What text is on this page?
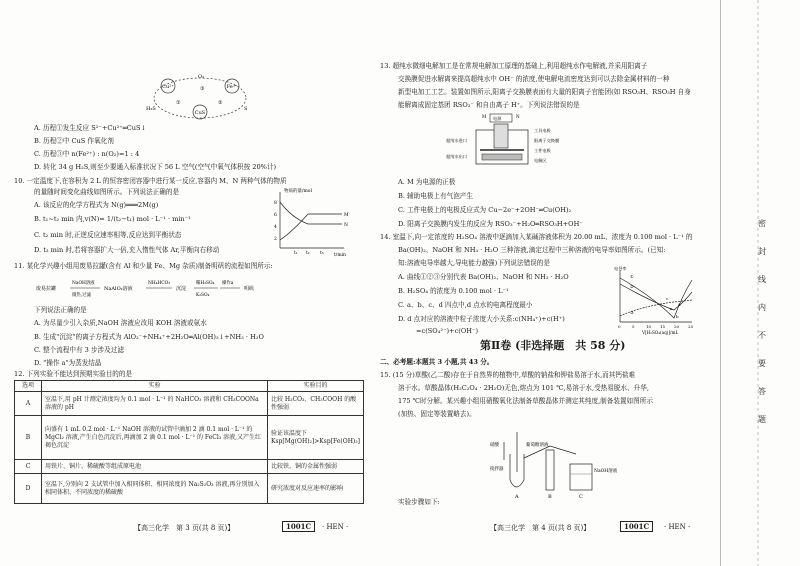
Cu²⁺	Fe³⁺
CuS
H₂S	S
O₂
①	②
③
A. 历程①发生反应 S²⁻+Cu²⁺═CuS↓
B. 历程②中 CuS 作氧化剂
C. 历程③中 n(Fe²⁺) : n(O₂)=1 : 4
D. 转化 34 g H₂S,则至少要通入标准状况下 56 L 空气(空气中氧气体积按 20%计)
10. 一定温度下,在容积为 2 L 的恒容密闭容器中进行某一反应,容器内 M、N 两种气体的物质
的量随时间变化曲线如图所示。下列说法正确的是
A. 该反应的化学方程式为 N(g)═══2M(g)
B. t₁~t₂ min 内,v(N)= 1/(t₂−t₁) mol · L⁻¹ · min⁻¹
C. t₂ min 时,正逆反应速率相等,反应达到平衡状态
D. t₃ min 时,若将容器扩大一倍,充入惰性气体 Ar,平衡向右移动
物质的量/mol
t/min
8
6
4
2
t₁ t₂ t₃
M
N
11. 某化学兴趣小组用废易拉罐(含有 Al 和少量 Fe、Mg 杂质)制备明矾的流程如图所示:
废易拉罐
NaOH溶液
微热,过滤
NaAlO₂溶液
NH₄HCO₃
沉淀
稀H₂SO₄
K₂SO₄
操作a
明矾
下列说法正确的是
A. 为尽量少引入杂质,NaOH 溶液应改用 KOH 溶液或氨水
B. 生成"沉淀"的离子方程式为 AlO₂⁻+NH₄⁺+2H₂O═Al(OH)₃↓+NH₃ · H₂O
C. 整个流程中有 3 步涉及过滤
D. "操作 a"为蒸发结晶
12. 下列实验不能达到预期实验目的的是
选项	实验	实验目的
A	室温下,用 pH 计测定浓度均为 0.1 mol · L⁻¹ 的 NaHCO₃ 溶液和 CH₃COONa 溶液的 pH	比较 H₂CO₃、CH₃COOH 的酸性强弱
B	向盛有 1 mL 0.2 mol · L⁻¹ NaOH 溶液的试管中滴加 2 滴 0.1 mol · L⁻¹ 的 MgCl₂ 溶液,产生白色沉淀后,再滴加 2 滴 0.1 mol · L⁻¹ 的 FeCl₃ 溶液,又产生红褐色沉淀	验证该温度下 Ksp[Mg(OH)₂]>Ksp[Fe(OH)₃]
C	用铁片、铜片、稀硫酸等组成原电池	比较铁、铜的金属性强弱
D	室温下,分别向 2 支试管中加入相同体积、相同浓度的 Na₂S₂O₃ 溶液,再分别加入相同体积、不同浓度的稀硫酸	研究浓度对反应速率的影响
【高三化学　第 3 页(共 8 页)】	1001C	· HEN ·
13. 超纯水微细电解加工是在常规电解加工原理的基础上,利用超纯水作电解液,并采用阳离子
交换膜促进水解离来提高超纯水中 OH⁻ 的浓度,使电解电流密度达到可以去除金属材料的一种
新型电加工工艺。装置如图所示,阳离子交换膜表面有大量的阳离子官能团(如 RSO₃H、RSO₃H 自身
能解离成固定基团 RSO₃⁻ 和自由离子 H⁺。下列说法错误的是
电源
M	N
超纯水进口
工具电极
阳离子交换膜
工件电极
电解区
超纯水出口
A. M 为电源的正极
B. 辅助电极上有气泡产生
C. 工件电极上的电极反应式为 Cu−2e⁻+2OH⁻═Cu(OH)₂
D. 阳离子交换膜内发生的反应为 RSO₃⁻+H₂O═RSO₃H+OH⁻
14. 室温下,向一定浓度的 H₂SO₄ 溶液中逐滴加入某碱溶液体积为 20.00 mL、浓度为 0.100 mol · L⁻¹ 的
Ba(OH)₂、NaOH 和 NH₃ · H₂O 三种溶液,滴定过程中三种溶液的电导率如图所示。(已知:
知:溶液电导率越大,导电能力越强)下列说法错误的是
A. 曲线①②③分别代表 Ba(OH)₂、NaOH 和 NH₃ · H₂O
B. H₂SO₄ 的浓度为 0.100 mol · L⁻¹
C. a、b、c、d 四点中,d 点水的电离程度最小
D. d 点对应的溶液中粒子浓度大小关系:c(NH₄⁺)+c(H⁺)
=c(SO₄²⁻)+c(OH⁻)
电导率
V[H₂SO₄(aq)]/mL
0	5	10 15 20 25
①
②
③
a
b
c
d
第Ⅱ卷 (非选择题　共 58 分)
二、必考题:本题共 3 小题,共 43 分。
15. (15 分)草酸(乙二酸)存在于自然界的植物中,草酸的钠盐和钾盐易溶于水,而其钙盐难
溶于水。草酸晶体(H₂C₂O₄ · 2H₂O)无色,熔点为 101 ℃,易溶于水,受热易脱水、升华,
175 ℃时分解。某兴趣小组用硝酸氧化法制备草酸晶体并测定其纯度,制备装置如图所示
(加热、固定等装置略去)。
硝酸	葡萄糖溶液
A	B	C
NaOH溶液
搅拌器
实验步骤如下:
【高三化学　第 4 页(共 8 页)】	1001C	· HEN ·
密
封
线
内
不
要
答
题
